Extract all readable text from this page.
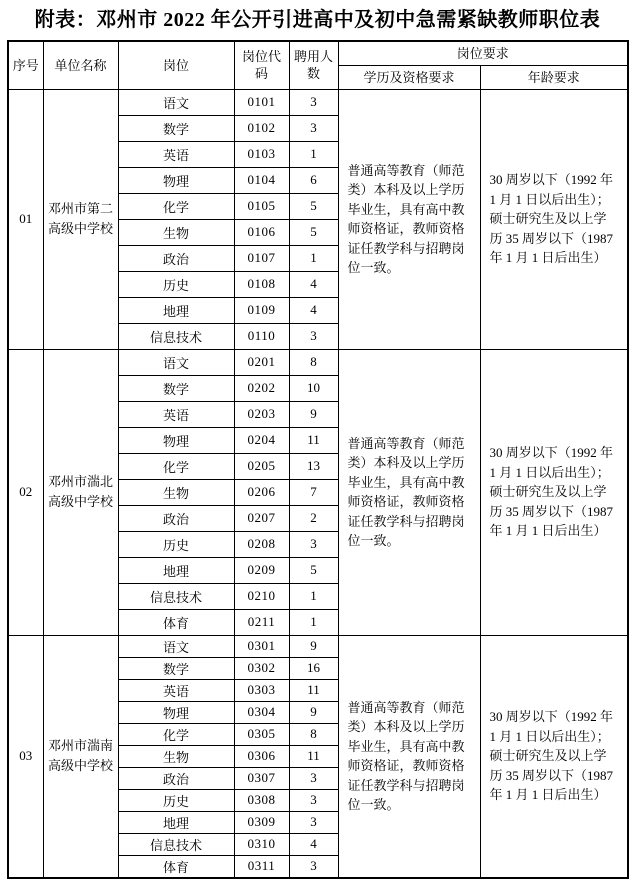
附表：邓州市 2022 年公开引进高中及初中急需紧缺教师职位表
序号	单位名称	岗位	岗位代码	聘用人数	岗位要求	
					学历及资格要求	年龄要求
01	邓州市第二高级中学校	语文	0101	3	普通高等教育（师范类）本科及以上学历毕业生，具有高中教师资格证，教师资格证任教学科与招聘岗位一致。	30 周岁以下（1992 年 1 月 1 日以后出生）；硕士研究生及以上学历 35 周岁以下（1987 年 1 月 1 日后出生）
		数学	0102	3		
		英语	0103	1		
		物理	0104	6		
		化学	0105	5		
		生物	0106	5		
		政治	0107	1		
		历史	0108	4		
		地理	0109	4		
		信息技术	0110	3		
02	邓州市湍北高级中学校	语文	0201	8	普通高等教育（师范类）本科及以上学历毕业生，具有高中教师资格证，教师资格证任教学科与招聘岗位一致。	30 周岁以下（1992 年 1 月 1 日以后出生）；硕士研究生及以上学历 35 周岁以下（1987 年 1 月 1 日后出生）
		数学	0202	10		
		英语	0203	9		
		物理	0204	11		
		化学	0205	13		
		生物	0206	7		
		政治	0207	2		
		历史	0208	3		
		地理	0209	5		
		信息技术	0210	1		
		体育	0211	1		
03	邓州市湍南高级中学校	语文	0301	9	普通高等教育（师范类）本科及以上学历毕业生，具有高中教师资格证，教师资格证任教学科与招聘岗位一致。	30 周岁以下（1992 年 1 月 1 日以后出生）；硕士研究生及以上学历 35 周岁以下（1987 年 1 月 1 日后出生）
		数学	0302	16		
		英语	0303	11		
		物理	0304	9		
		化学	0305	8		
		生物	0306	11		
		政治	0307	3		
		历史	0308	3		
		地理	0309	3		
		信息技术	0310	4		
		体育	0311	3		
